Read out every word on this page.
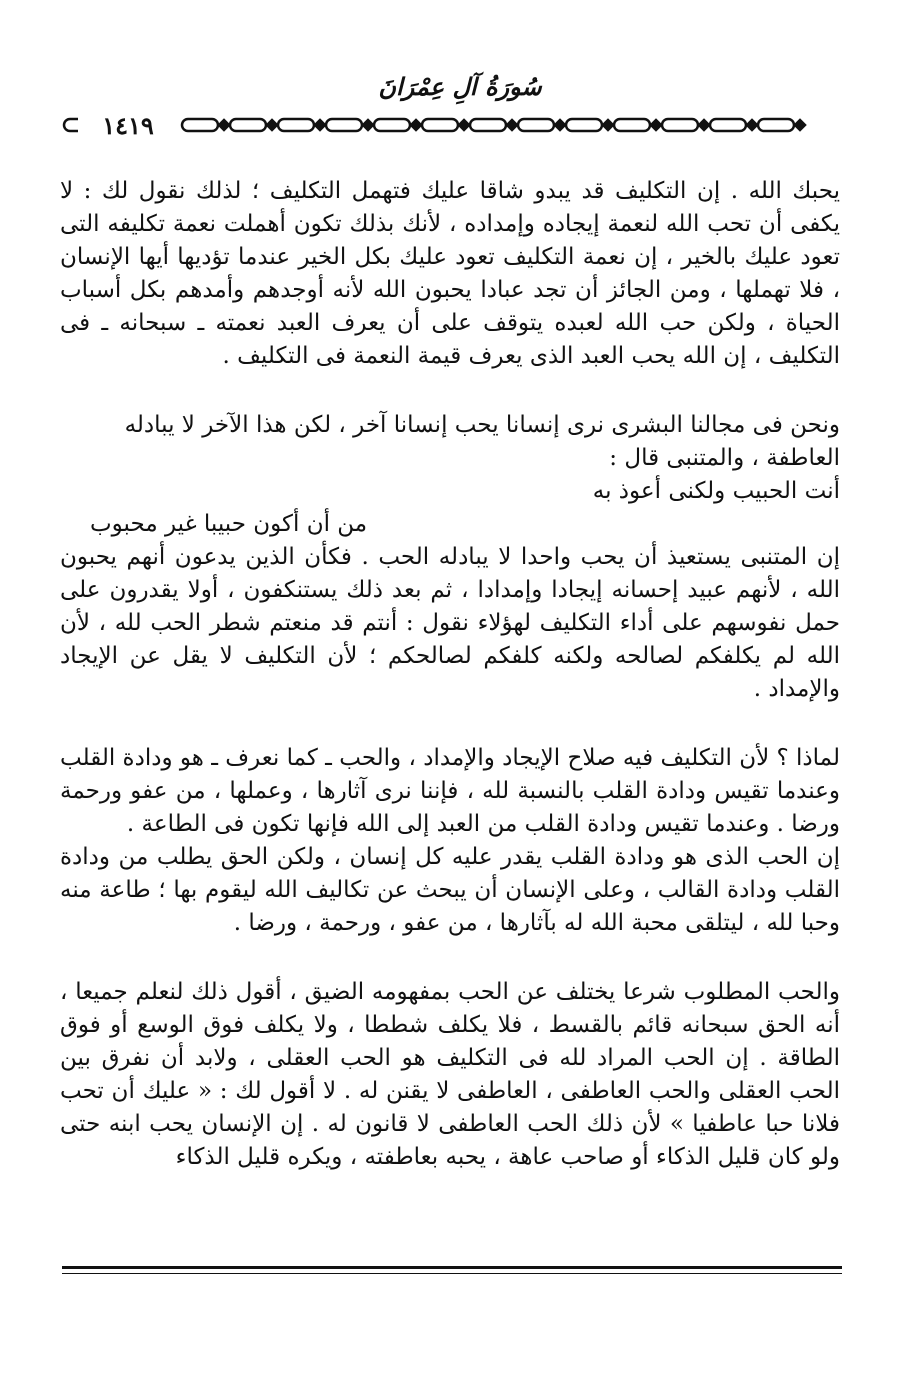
سُورَةُ آلِ عِمْرَانَ
١٤١٩

يحبك الله . إن التكليف قد يبدو شاقا عليك فتهمل التكليف ؛ لذلك نقول لك : لا يكفى أن تحب الله لنعمة إيجاده وإمداده ، لأنك بذلك تكون أهملت نعمة تكليفه التى تعود عليك بالخير ، إن نعمة التكليف تعود عليك بكل الخير عندما تؤديها أيها الإنسان ، فلا تهملها ، ومن الجائز أن تجد عبادا يحبون الله لأنه أوجدهم وأمدهم بكل أسباب الحياة ، ولكن حب الله لعبده يتوقف على أن يعرف العبد نعمته ـ سبحانه ـ فى التكليف ، إن الله يحب العبد الذى يعرف قيمة النعمة فى التكليف .

ونحن فى مجالنا البشرى نرى إنسانا يحب إنسانا آخر ، لكن هذا الآخر لا يبادله العاطفة ، والمتنبى قال :

أنت الحبيب ولكنى أعوذ به

من أن أكون حبيبا غير محبوب

إن المتنبى يستعيذ أن يحب واحدا لا يبادله الحب . فكأن الذين يدعون أنهم يحبون الله ، لأنهم عبيد إحسانه إيجادا وإمدادا ، ثم بعد ذلك يستنكفون ، أولا يقدرون على حمل نفوسهم على أداء التكليف لهؤلاء نقول : أنتم قد منعتم شطر الحب لله ، لأن الله لم يكلفكم لصالحه ولكنه كلفكم لصالحكم ؛ لأن التكليف لا يقل عن الإيجاد والإمداد .

لماذا ؟ لأن التكليف فيه صلاح الإيجاد والإمداد ، والحب ـ كما نعرف ـ هو ودادة القلب وعندما تقيس ودادة القلب بالنسبة لله ، فإننا نرى آثارها ، وعملها ، من عفو ورحمة ورضا . وعندما تقيس ودادة القلب من العبد إلى الله فإنها تكون فى الطاعة .

إن الحب الذى هو ودادة القلب يقدر عليه كل إنسان ، ولكن الحق يطلب من ودادة القلب ودادة القالب ، وعلى الإنسان أن يبحث عن تكاليف الله ليقوم بها ؛ طاعة منه وحبا لله ، ليتلقى محبة الله له بآثارها ، من عفو ، ورحمة ، ورضا .

والحب المطلوب شرعا يختلف عن الحب بمفهومه الضيق ، أقول ذلك لنعلم جميعا ، أنه الحق سبحانه قائم بالقسط ، فلا يكلف شططا ، ولا يكلف فوق الوسع أو فوق الطاقة . إن الحب المراد لله فى التكليف هو الحب العقلى ، ولابد أن نفرق بين الحب العقلى والحب العاطفى ، العاطفى لا يقنن له . لا أقول لك : « عليك أن تحب فلانا حبا عاطفيا » لأن ذلك الحب العاطفى لا قانون له . إن الإنسان يحب ابنه حتى ولو كان قليل الذكاء أو صاحب عاهة ، يحبه بعاطفته ، ويكره قليل الذكاء
